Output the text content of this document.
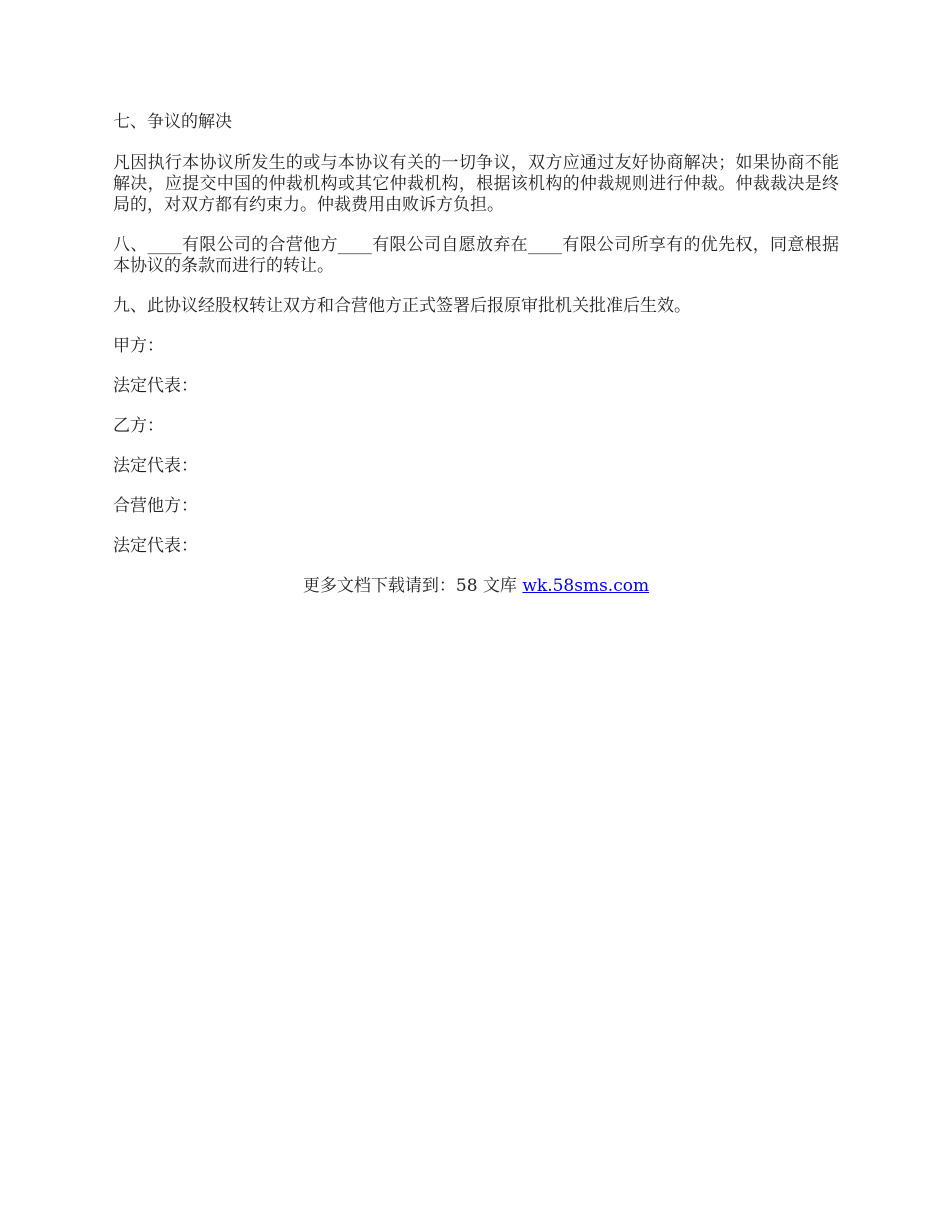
七、争议的解决

凡因执行本协议所发生的或与本协议有关的一切争议，双方应通过友好协商解决；如果协商不能解决，应提交中国的仲裁机构或其它仲裁机构，根据该机构的仲裁规则进行仲裁。仲裁裁决是终局的，对双方都有约束力。仲裁费用由败诉方负担。

八、____有限公司的合营他方____有限公司自愿放弃在____有限公司所享有的优先权，同意根据本协议的条款而进行的转让。

九、此协议经股权转让双方和合营他方正式签署后报原审批机关批准后生效。

甲方：

法定代表：

乙方：

法定代表：

合营他方：

法定代表：

更多文档下载请到：58 文库 wk.58sms.com
